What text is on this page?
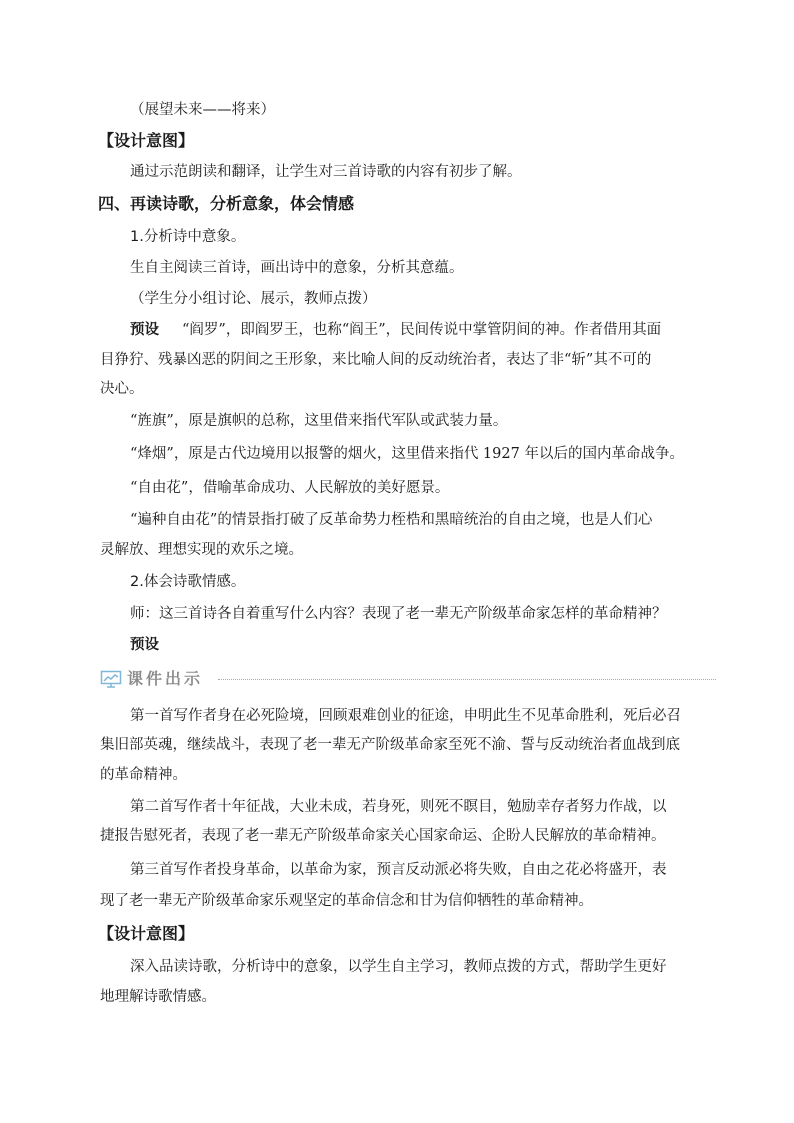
（展望未来——将来）
【设计意图】
通过示范朗读和翻译，让学生对三首诗歌的内容有初步了解。
四、再读诗歌，分析意象，体会情感
1.分析诗中意象。
生自主阅读三首诗，画出诗中的意象，分析其意蕴。
（学生分小组讨论、展示，教师点拨）
预设 “阎罗”，即阎罗王，也称“阎王”，民间传说中掌管阴间的神。作者借用其面
目狰狞、残暴凶恶的阴间之王形象，来比喻人间的反动统治者，表达了非“斩”其不可的
决心。
“旌旗”，原是旗帜的总称，这里借来指代军队或武装力量。
“烽烟”，原是古代边境用以报警的烟火，这里借来指代 1927 年以后的国内革命战争。
“自由花”，借喻革命成功、人民解放的美好愿景。
“遍种自由花”的情景指打破了反革命势力桎梏和黑暗统治的自由之境，也是人们心
灵解放、理想实现的欢乐之境。
2.体会诗歌情感。
师：这三首诗各自着重写什么内容？表现了老一辈无产阶级革命家怎样的革命精神？
预设
课件出示
第一首写作者身在必死险境，回顾艰难创业的征途，申明此生不见革命胜利，死后必召
集旧部英魂，继续战斗，表现了老一辈无产阶级革命家至死不渝、誓与反动统治者血战到底
的革命精神。
第二首写作者十年征战，大业未成，若身死，则死不瞑目，勉励幸存者努力作战，以
捷报告慰死者，表现了老一辈无产阶级革命家关心国家命运、企盼人民解放的革命精神。
第三首写作者投身革命，以革命为家，预言反动派必将失败，自由之花必将盛开，表
现了老一辈无产阶级革命家乐观坚定的革命信念和甘为信仰牺牲的革命精神。
【设计意图】
深入品读诗歌，分析诗中的意象，以学生自主学习，教师点拨的方式，帮助学生更好
地理解诗歌情感。
